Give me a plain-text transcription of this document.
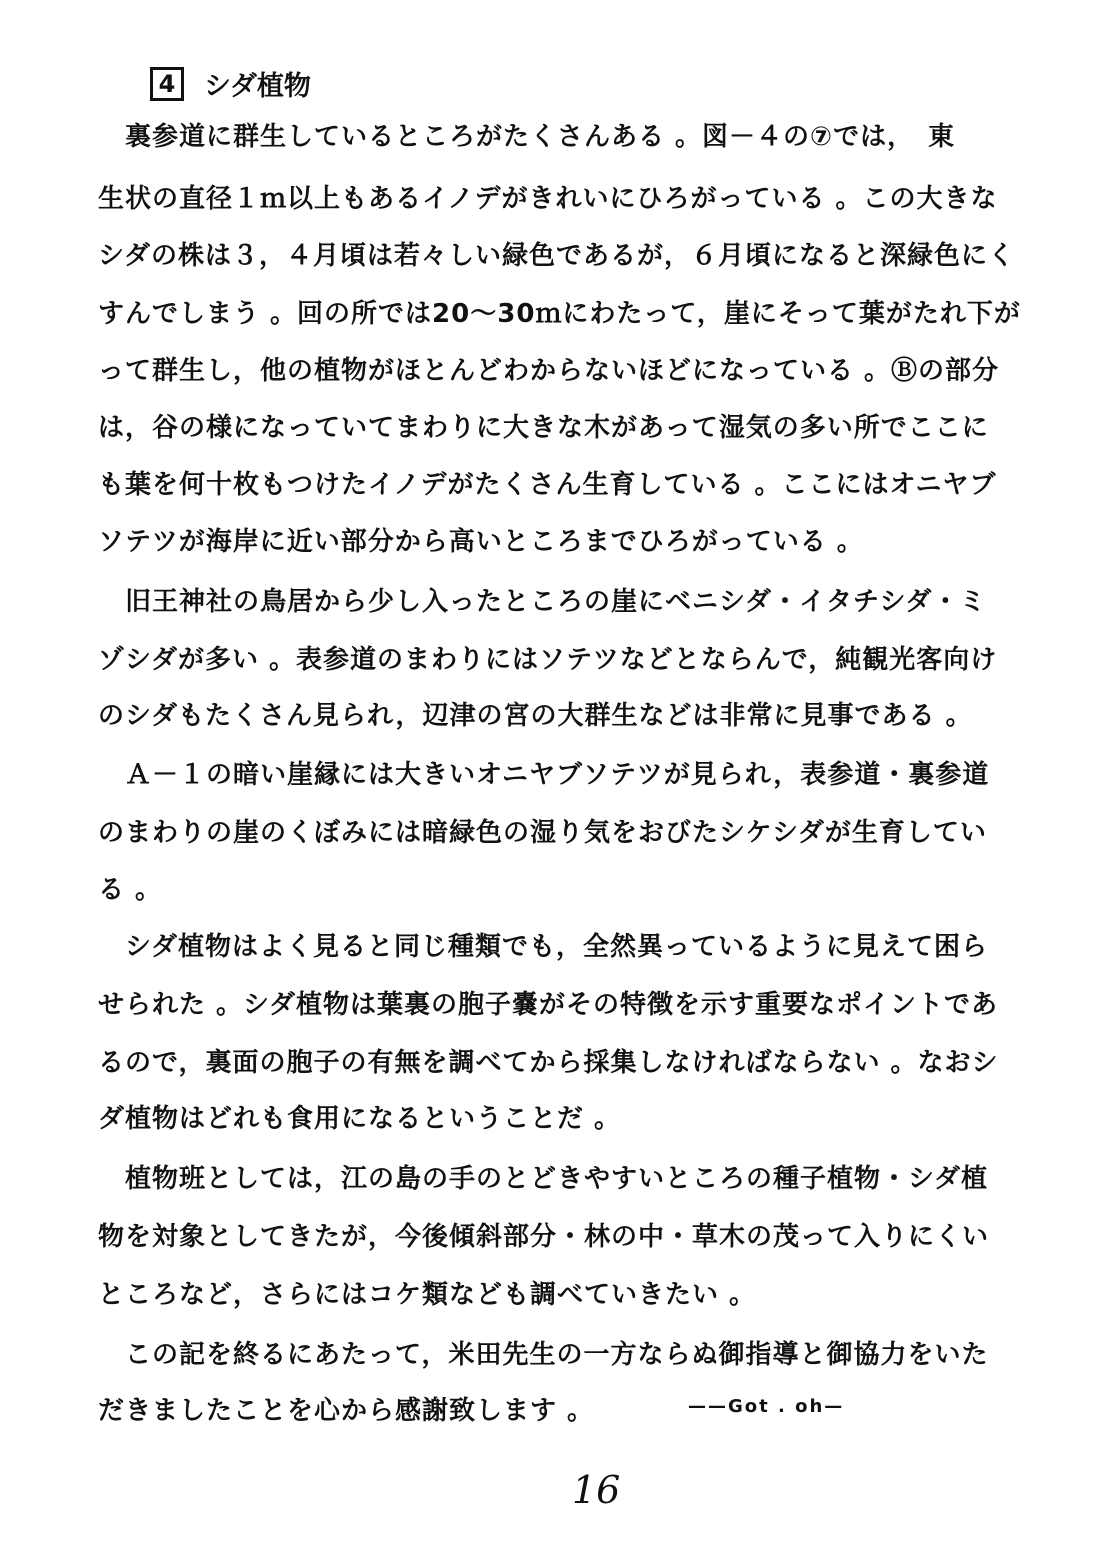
4	シダ植物
裏参道に群生しているところがたくさんある 。図－４の⑦では，　東
生状の直径１ｍ以上もあるイノデがきれいにひろがっている 。この大きな
シダの株は３，４月頃は若々しい緑色であるが，６月頃になると深緑色にく
すんでしまう 。回の所では20～30ｍにわたって，崖にそって葉がたれ下が
って群生し，他の植物がほとんどわからないほどになっている 。Ⓑの部分
は，谷の様になっていてまわりに大きな木があって湿気の多い所でここに
も葉を何十枚もつけたイノデがたくさん生育している 。ここにはオニヤブ
ソテツが海岸に近い部分から高いところまでひろがっている 。
旧王神社の鳥居から少し入ったところの崖にベニシダ・イタチシダ・ミ
ゾシダが多い 。表参道のまわりにはソテツなどとならんで，純観光客向け
のシダもたくさん見られ，辺津の宮の大群生などは非常に見事である 。
Ａ－１の暗い崖縁には大きいオニヤブソテツが見られ，表参道・裏参道
のまわりの崖のくぼみには暗緑色の湿り気をおびたシケシダが生育してい
る 。
シダ植物はよく見ると同じ種類でも，全然異っているように見えて困ら
せられた 。シダ植物は葉裏の胞子嚢がその特徴を示す重要なポイントであ
るので，裏面の胞子の有無を調べてから採集しなければならない 。なおシ
ダ植物はどれも食用になるということだ 。
植物班としては，江の島の手のとどきやすいところの種子植物・シダ植
物を対象としてきたが，今後傾斜部分・林の中・草木の茂って入りにくい
ところなど，さらにはコケ類なども調べていきたい 。
この記を終るにあたって，米田先生の一方ならぬ御指導と御協力をいた
だきましたことを心から感謝致します 。	——Got . oh—
16
